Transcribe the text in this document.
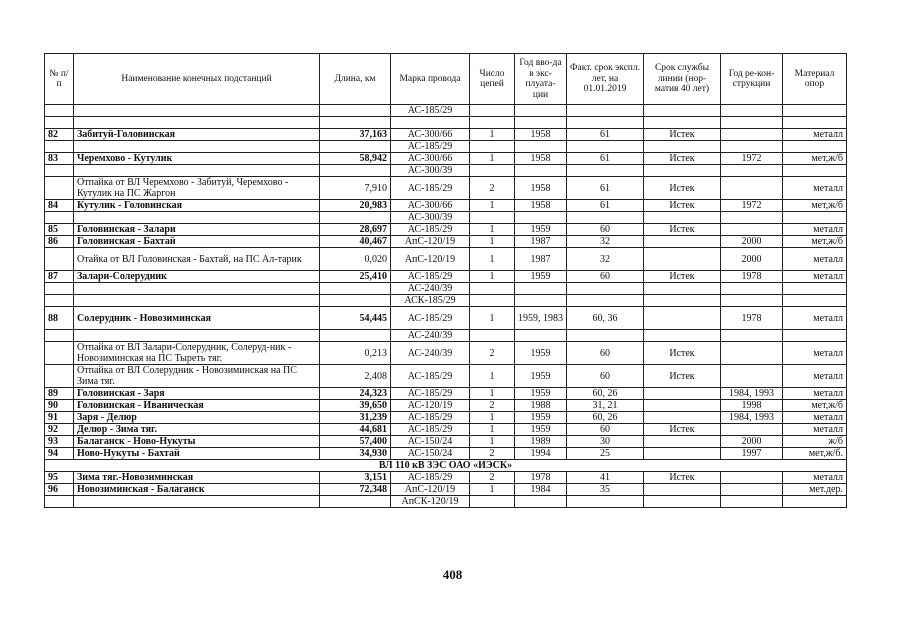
№ п/п	Наименование конечных подстанций	Длина, км	Марка провода	Число цепей	Год вво-да в экс-плуата-ции	Факт. срок экспл. лет, на 01.01.2019	Срок службы линии (нор-матив 40 лет)	Год ре-кон-струкции	Материал опор
			АС-185/29						

82	Забитуй-Головинская	37,163	АС-300/66	1	1958	61	Истек		металл
			АС-185/29						
83	Черемхово - Кутулик	58,942	АС-300/66	1	1958	61	Истек	1972	мет,ж/б
			АС-300/39						
	Отпайка от ВЛ Черемхово - Забитуй, Черемхово - Кутулик на ПС Жаргон	7,910	АС-185/29	2	1958	61	Истек		металл
84	Кутулик - Головинская	20,983	АС-300/66	1	1958	61	Истек	1972	мет,ж/б
			АС-300/39						
85	Головинская - Залари	28,697	АС-185/29	1	1959	60	Истек		металл
86	Головинская - Бахтай	40,467	АпС-120/19	1	1987	32		2000	мет,ж/б
	Отайка от ВЛ Головинская - Бахтай, на ПС Ал-тарик	0,020	АпС-120/19	1	1987	32		2000	металл
87	Залари-Солерудник	25,410	АС-185/29	1	1959	60	Истек	1978	металл
			АС-240/39						
			АСК-185/29						
88	Солерудник - Новозиминская	54,445	АС-185/29	1	1959, 1983	60, 36		1978	металл
			АС-240/39						
	Отпайка от ВЛ Залари-Солерудник, Солеруд-ник - Новозиминская на ПС Тыреть тяг.	0,213	АС-240/39	2	1959	60	Истек		металл
	Отпайка от ВЛ Солерудник - Новозиминская на ПС Зима тяг.	2,408	АС-185/29	1	1959	60	Истек		металл
89	Головинская - Заря	24,323	АС-185/29	1	1959	60, 26		1984, 1993	металл
90	Головинская - Иваническая	39,650	АС-120/19	2	1988	31, 21		1998	мет,ж/б
91	Заря - Делюр	31,239	АС-185/29	1	1959	60, 26		1984, 1993	металл
92	Делюр - Зима тяг.	44,681	АС-185/29	1	1959	60	Истек		металл
93	Балаганск - Ново-Нукуты	57,400	АС-150/24	1	1989	30		2000	ж/б
94	Ново-Нукуты - Бахтай	34,930	АС-150/24	2	1994	25		1997	мет,ж/б.
ВЛ 110 кВ ЗЭС ОАО «ИЭСК»									
95	Зима тяг.-Новозиминская	3,151	АС-185/29	2	1978	41	Истек		металл
96	Новозиминская - Балаганск	72,348	АпС-120/19	1	1984	35			мет.дер.
			АпСК-120/19						
408
